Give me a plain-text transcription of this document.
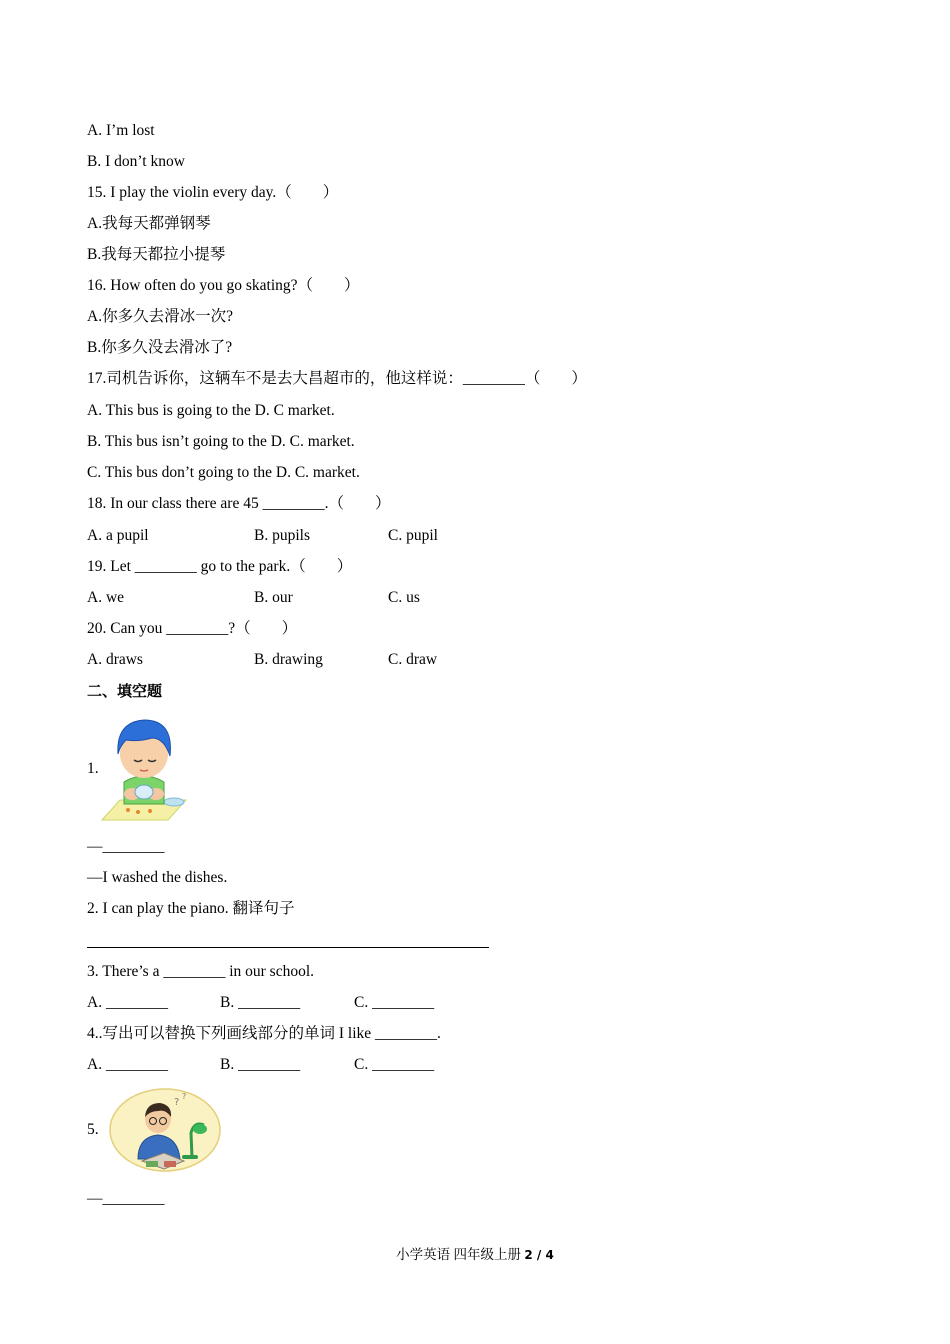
A. I’m lost
B. I don’t know
15. I play the violin every day.（　　）
A.我每天都弹钢琴
B.我每天都拉小提琴
16. How often do you go skating?（　　）
A.你多久去滑冰一次?
B.你多久没去滑冰了?
17.司机告诉你，这辆车不是去大昌超市的，他这样说：________（　　）
A. This bus is going to the D. C market.
B. This bus isn’t going to the D. C. market.
C. This bus don’t going to the D. C. market.
18. In our class there are 45 ________.（　　）
A. a pupil	B. pupils	C. pupil
19. Let ________ go to the park.（　　）
A. we	B. our	C. us
20. Can you ________?（　　）
A. draws	B. drawing	C. draw
二、填空题
1.
—________
—I washed the dishes.
2. I can play the piano. 翻译句子
3. There’s a ________ in our school.
A. ________	B. ________	C. ________
4..写出可以替换下列画线部分的单词 I like ________.
A. ________	B. ________	C. ________
5.
?
?
—________
小学英语 四年级上册 2 / 4
